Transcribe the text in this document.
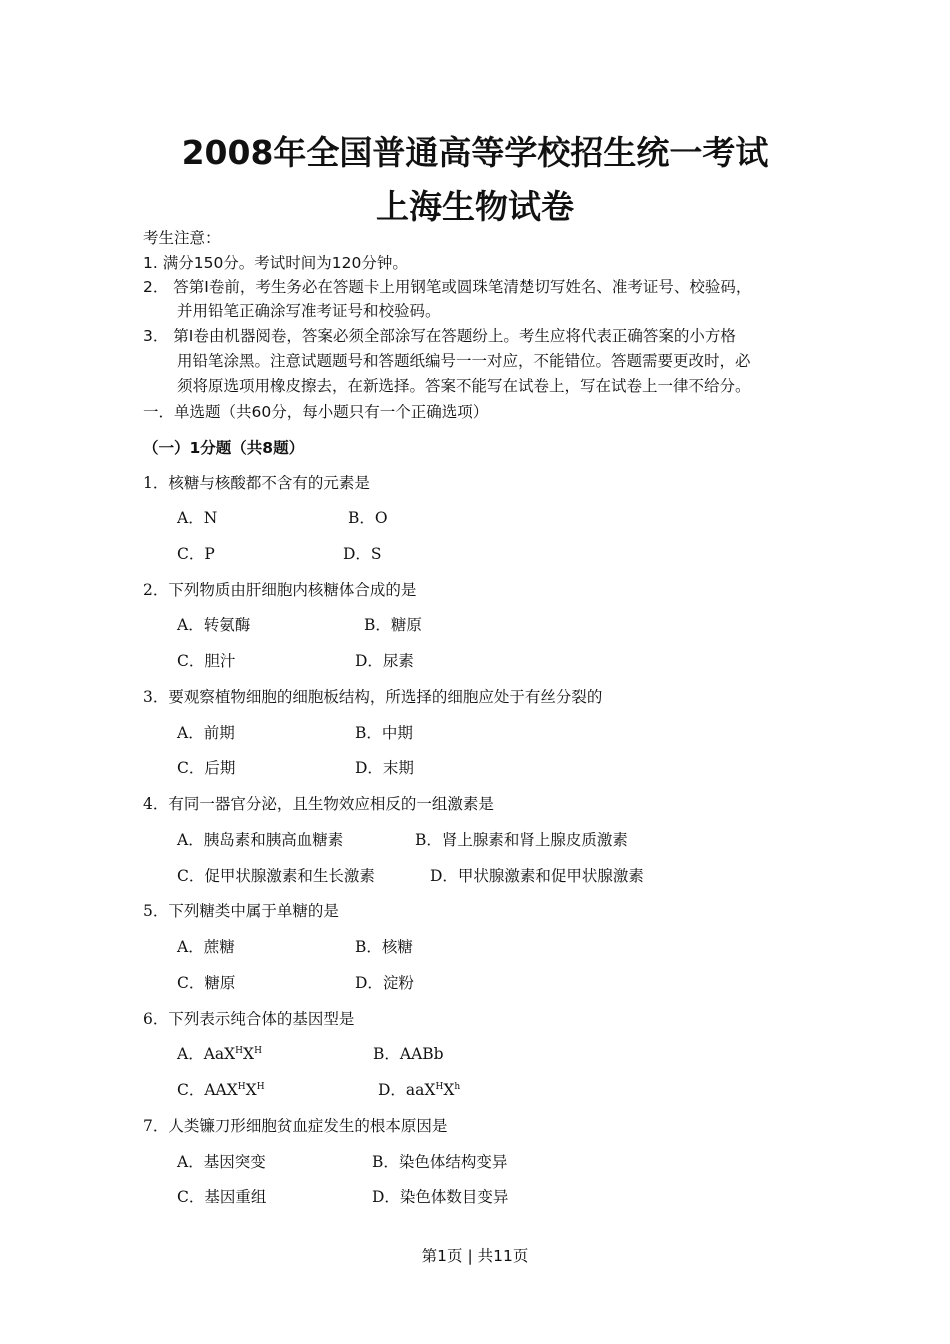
2008年全国普通高等学校招生统一考试
上海生物试卷
考生注意：
1. 满分150分。考试时间为120分钟。
2． 答第Ⅰ卷前，考生务必在答题卡上用钢笔或圆珠笔清楚切写姓名、准考证号、校验码，
并用铅笔正确涂写准考证号和校验码。
3． 第Ⅰ卷由机器阅卷，答案必须全部涂写在答题纷上。考生应将代表正确答案的小方格
用铅笔涂黑。注意试题题号和答题纸编号一一对应，不能错位。答题需要更改时，必
须将原选项用橡皮擦去，在新选择。答案不能写在试卷上，写在试卷上一律不给分。
一．单选题（共60分，每小题只有一个正确选项）
（一）1分题（共8题）
1．核糖与核酸都不含有的元素是
A．N	B．O
C．P	D．S
2．下列物质由肝细胞内核糖体合成的是
A．转氨酶	B．糖原
C．胆汁	D．尿素
3．要观察植物细胞的细胞板结构，所选择的细胞应处于有丝分裂的
A．前期	B．中期
C．后期	D．末期
4．有同一器官分泌，且生物效应相反的一组激素是
A．胰岛素和胰高血糖素	B．肾上腺素和肾上腺皮质激素
C．促甲状腺激素和生长激素	D．甲状腺激素和促甲状腺激素
5．下列糖类中属于单糖的是
A．蔗糖	B．核糖
C．糖原	D．淀粉
6．下列表示纯合体的基因型是
A．$AaX^HX^H$	B．AABb
C．$AAX^HX^H$	D．$aaX^HX^h$
7．人类镰刀形细胞贫血症发生的根本原因是
A．基因突变	B．染色体结构变异
C．基因重组	D．染色体数目变异
第1页 | 共11页
